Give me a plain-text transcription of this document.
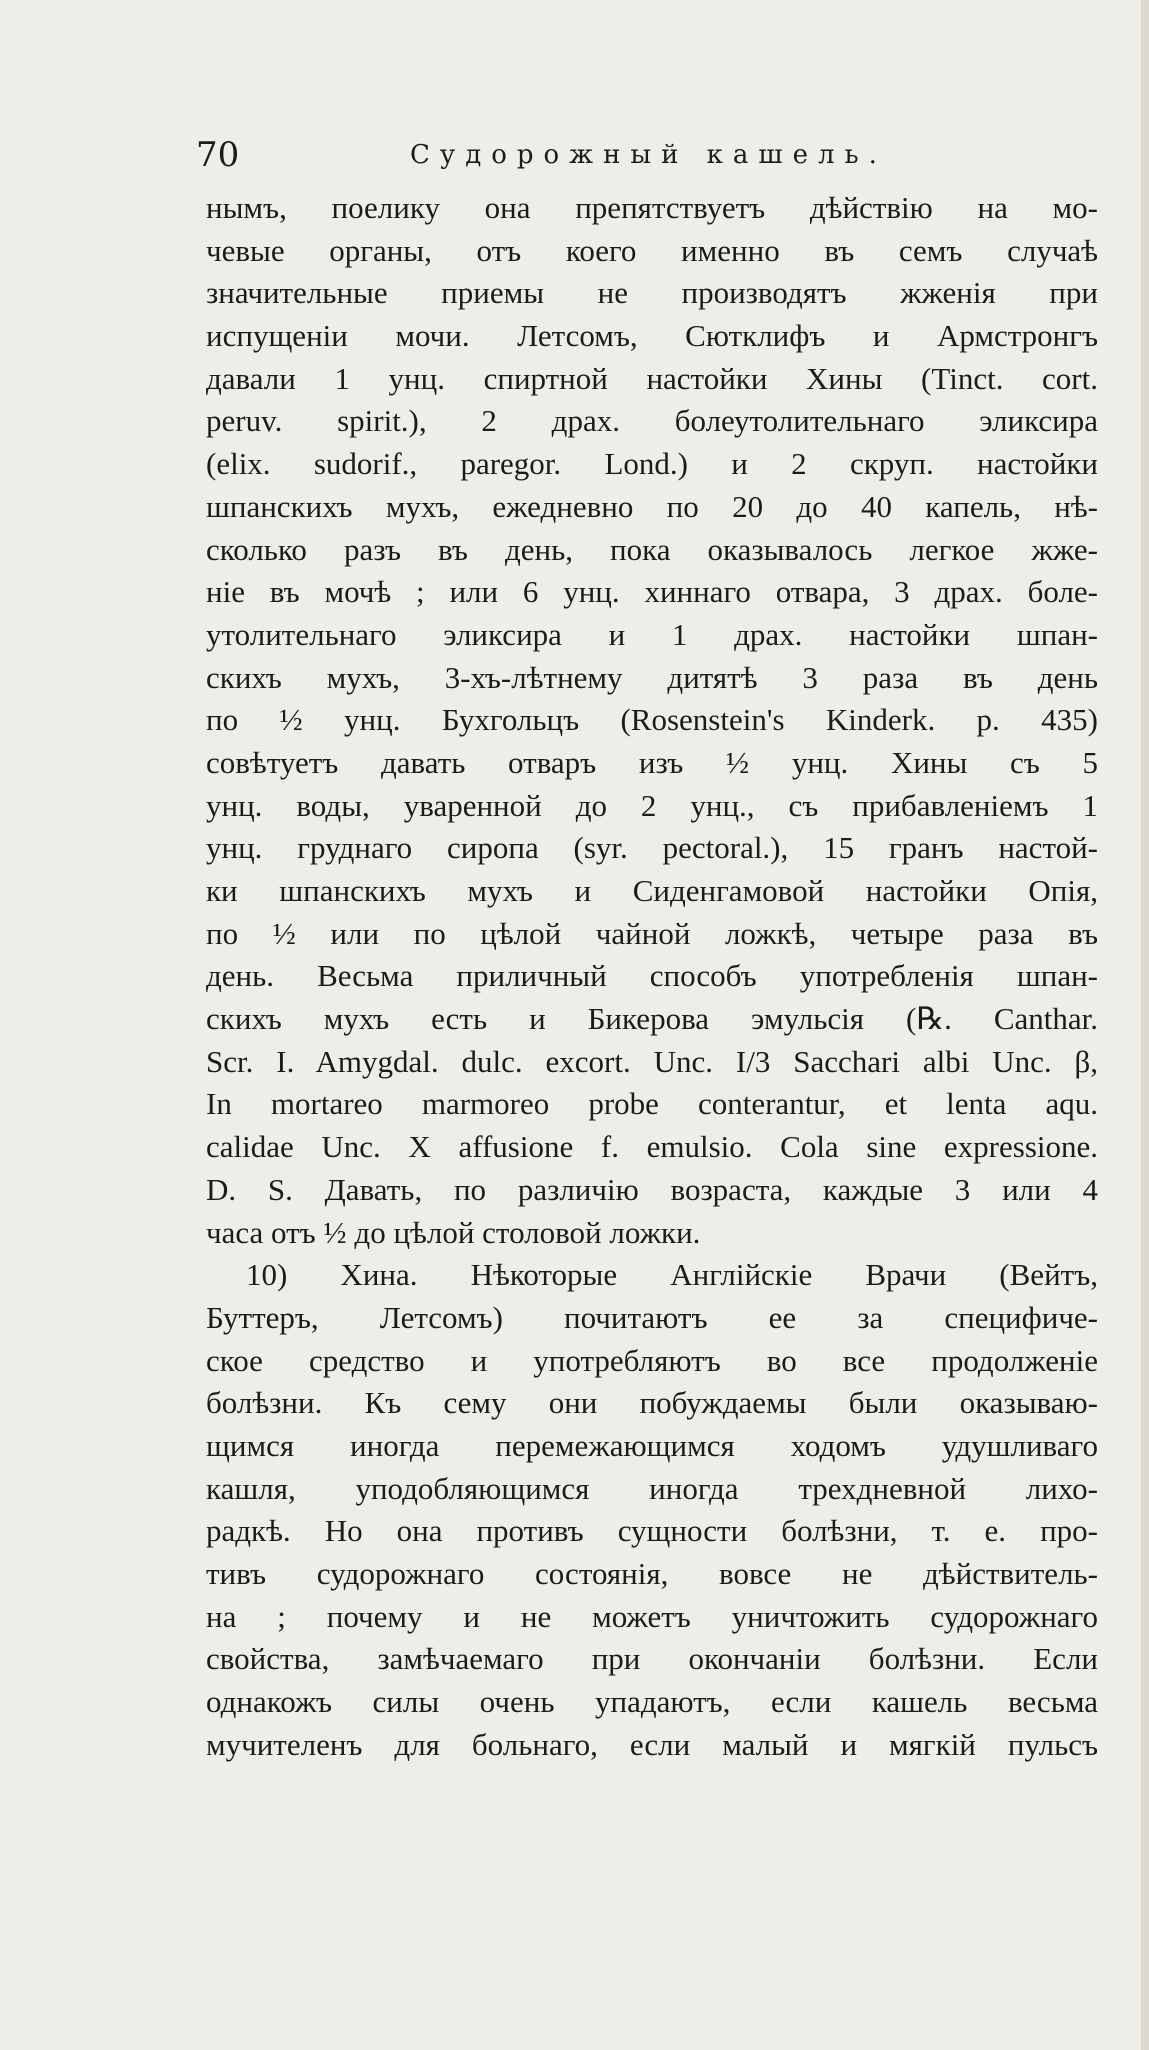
70	Судорожный кашель.
нымъ, поелику она препятствуетъ дѣйствію на мо-
чевые органы, отъ коего именно въ семъ случаѣ
значительные приемы не производятъ жженія при
испущеніи мочи. Летсомъ, Сютклифъ и Армстронгъ
давали 1 унц. спиртной настойки Хины (Tinct. cort.
peruv. spirit.), 2 драх. болеутолительнаго эликсира
(elix. sudorif., paregor. Lond.) и 2 скруп. настойки
шпанскихъ мухъ, ежедневно по 20 до 40 капель, нѣ-
сколько разъ въ день, пока оказывалось легкое жже-
ніе въ мочѣ ; или 6 унц. хиннаго отвара, 3 драх. боле-
утолительнаго эликсира и 1 драх. настойки шпан-
скихъ мухъ, 3-хъ-лѣтнему дитятѣ 3 раза въ день
по ½ унц. Бухгольцъ (Rosenstein's Kinderk. p. 435)
совѣтуетъ давать отваръ изъ ½ унц. Хины съ 5
унц. воды, уваренной до 2 унц., съ прибавленіемъ 1
унц. груднаго сиропа (syr. pectoral.), 15 гранъ настой-
ки шпанскихъ мухъ и Сиденгамовой настойки Опія,
по ½ или по цѣлой чайной ложкѣ, четыре раза въ
день. Весьма приличный способъ употребленія шпан-
скихъ мухъ есть и Бикерова эмульсія (℞. Canthar.
Scr. I. Amygdal. dulc. excort. Unc. I/3 Sacchari albi Unc. β,
In mortareo marmoreo probe conterantur, et lenta aqu.
calidae Unc. X affusione f. emulsio. Cola sine expressione.
D. S. Давать, по различію возраста, каждые 3 или 4
часа отъ ½ до цѣлой столовой ложки.
10) Хина. Нѣкоторые Англійскіе Врачи (Вейтъ,
Буттеръ, Летсомъ) почитаютъ ее за специфиче-
ское средство и употребляютъ во все продолженіе
болѣзни. Къ сему они побуждаемы были оказываю-
щимся иногда перемежающимся ходомъ удушливаго
кашля, уподобляющимся иногда трехдневной лихо-
радкѣ. Но она противъ сущности болѣзни, т. е. про-
тивъ судорожнаго состоянія, вовсе не дѣйствитель-
на ; почему и не можетъ уничтожить судорожнаго
свойства, замѣчаемаго при окончаніи болѣзни. Если
однакожъ силы очень упадаютъ, если кашель весьма
мучителенъ для больнаго, если малый и мягкій пульсъ
